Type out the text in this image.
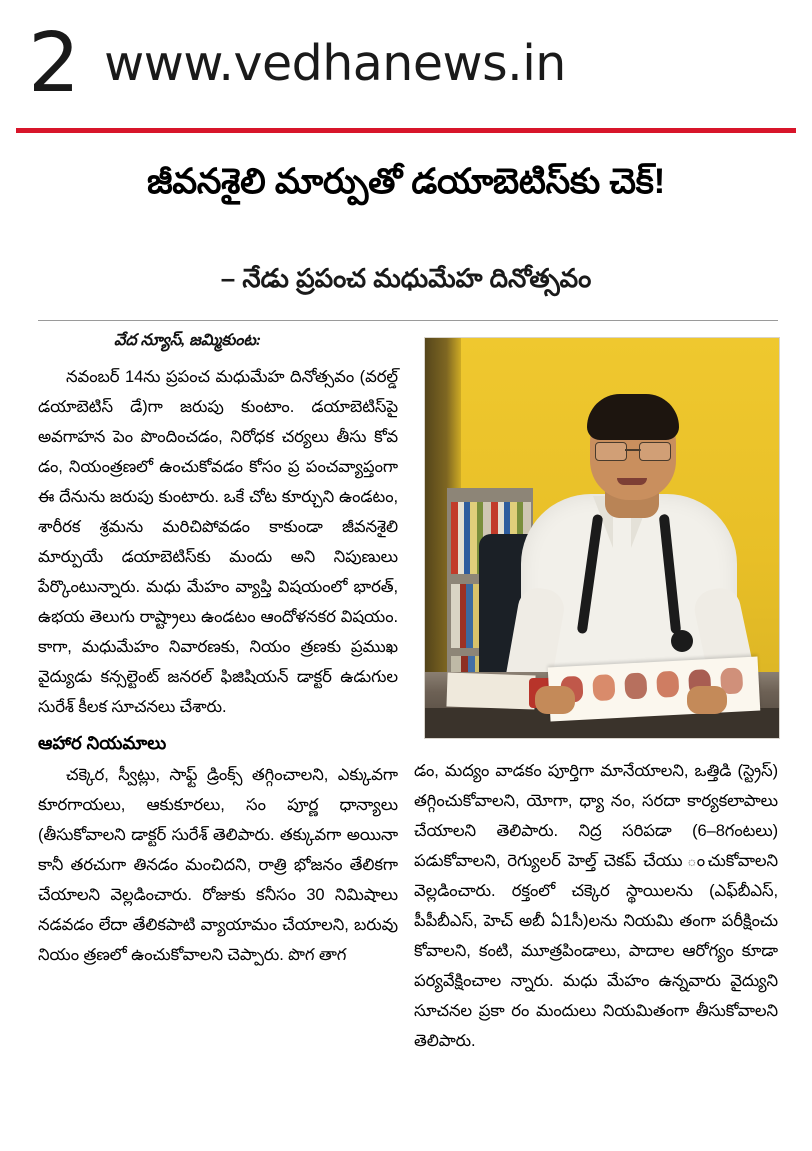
2 www.vedhanews.in
జీవనశైలి మార్పుతో డయాబెటిస్‌కు చెక్!
– నేడు ప్రపంచ మధుమేహ దినోత్సవం
వేద న్యూస్, జమ్మికుంట:

నవంబర్ 14ను ప్రపంచ మధుమేహ దినోత్సవం (వరల్డ్ డయాబెటిస్ డే)గా జరుపు కుంటాం. డయాబెటిస్‌పై అవగాహన పెం పొందించడం, నిరోధక చర్యలు తీసు కోవ డం, నియంత్రణలో ఉంచుకోవడం కోసం ప్ర పంచవ్యాప్తంగా ఈ దేనును జరుపు కుంటారు. ఒకే చోట కూర్చుని ఉండటం, శారీరక శ్రమను మరిచిపోవడం కాకుండా జీవనశైలి మార్పుయే డయాబెటిస్‌కు మందు అని నిపుణులు పేర్కొంటున్నారు. మధు మేహం వ్యాప్తి విషయంలో భారత్, ఉభయ తెలుగు రాష్ట్రాలు ఉండటం ఆందోళనకర విషయం. కాగా, మధుమేహం నివారణకు, నియం త్రణకు ప్రముఖ వైద్యుడు కన్సల్టెంట్ జనరల్ ఫిజిషియన్ డాక్టర్ ఉడుగుల సురేశ్ కీలక సూచనలు చేశారు.

ఆహార నియమాలు

చక్కెర, స్వీట్లు, సాఫ్ట్ డ్రింక్స్ తగ్గించాలని, ఎక్కువగా కూరగాయలు, ఆకుకూరలు, సం పూర్ణ ధాన్యాలు (తీసుకోవాలని డాక్టర్ సురేశ్ తెలిపారు. తక్కువగా అయినా కానీ తరచుగా తినడం మంచిదని, రాత్రి భోజనం తేలికగా చేయాలని వెల్లడించారు. రోజుకు కనీసం 30 నిమిషాలు నడవడం లేదా తేలికపాటి వ్యాయామం చేయాలని, బరువు నియం త్రణలో ఉంచుకోవాలని చెప్పారు. పొగ తాగ

డం, మద్యం వాడకం పూర్తిగా మానేయాలని, ఒత్తిడి (స్ట్రెస్) తగ్గించుకోవాలని, యోగా, ధ్యా నం, సరదా కార్యకలాపాలు చేయాలని తెలిపారు. నిద్ర సరిపడా (6–8గంటలు) పడుకోవాలని, రెగ్యులర్ హెల్త్ చెకప్ చేయు ంచుకోవాలని వెల్లడించారు. రక్తంలో చక్కెర స్థాయిలను (ఎఫ్‌బీఎస్, పీపీబీఎస్, హెచ్ అబీ ఏ1సీ)లను నియమి తంగా పరీక్షించు కోవాలని, కంటి, మూత్రపిండాలు, పాదాల ఆరోగ్యం కూడా పర్యవేక్షించాల న్నారు. మధు మేహం ఉన్నవారు వైద్యుని సూచనల ప్రకా రం మందులు నియమితంగా తీసుకోవాలని తెలిపారు.
